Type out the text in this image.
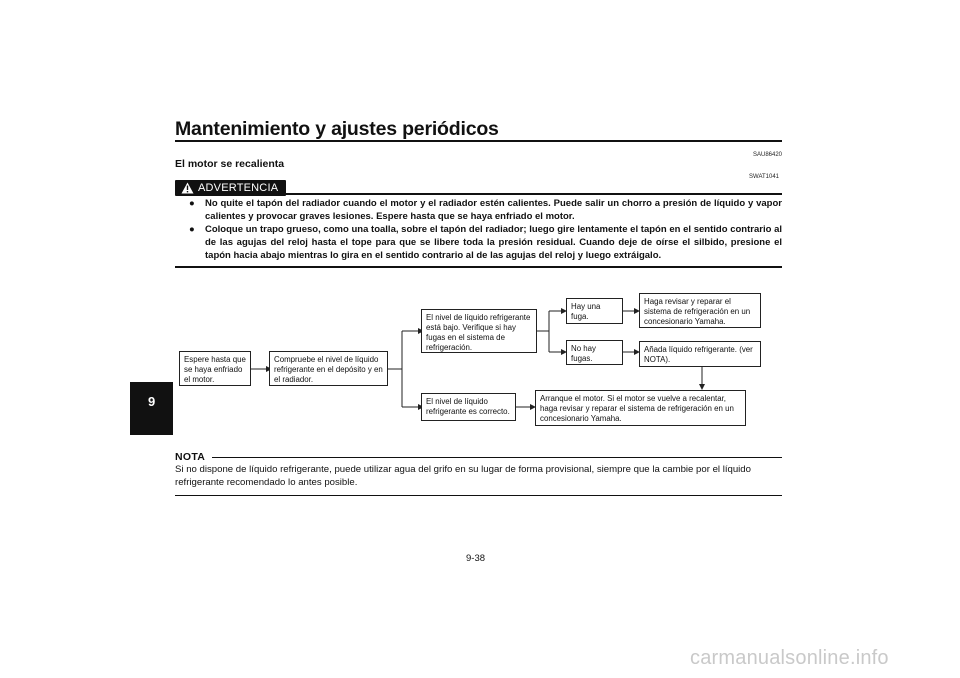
Mantenimiento y ajustes periódicos
9
SAU86420
El motor se recalienta
ADVERTENCIA
SWAT1041
● No quite el tapón del radiador cuando el motor y el radiador estén calientes. Puede salir un chorro a presión de líquido y vapor calientes y provocar graves lesiones. Espere hasta que se haya enfriado el motor.
● Coloque un trapo grueso, como una toalla, sobre el tapón del radiador; luego gire lentamente el tapón en el sentido contrario al de las agujas del reloj hasta el tope para que se libere toda la presión residual. Cuando deje de oírse el silbido, presione el tapón hacia abajo mientras lo gira en el sentido contrario al de las agujas del reloj y luego extráigalo.
Espere hasta que se haya enfriado el motor.
Compruebe el nivel de líquido refrigerante en el depósito y en el radiador.
El nivel de líquido refrigerante está bajo. Verifique si hay fugas en el sistema de refrigeración.
El nivel de líquido refrigerante es correcto.
Hay una fuga.
No hay fugas.
Haga revisar y reparar el sistema de refrigeración en un concesionario Yamaha.
Añada líquido refrigerante. (ver NOTA).
Arranque el motor. Si el motor se vuelve a recalentar, haga revisar y reparar el sistema de refrigeración en un concesionario Yamaha.
NOTA
Si no dispone de líquido refrigerante, puede utilizar agua del grifo en su lugar de forma provisional, siempre que la cambie por el líquido refrigerante recomendado lo antes posible.
9-38
carmanualsonline.info
